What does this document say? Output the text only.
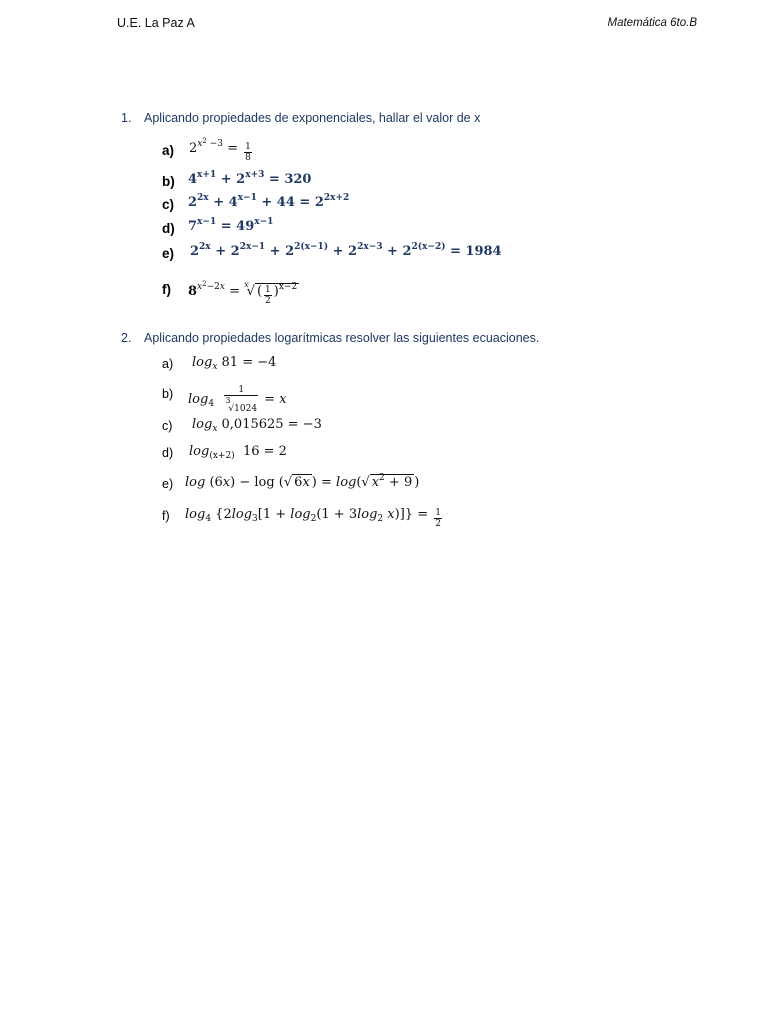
U.E. La Paz A	Matemática 6to.B
1. Aplicando propiedades de exponenciales, hallar el valor de x
a) $2^{x^2 -3} = \frac{1}{8}$
b) $4^{x+1} + 2^{x+3} = 320$
c) $2^{2x} + 4^{x-1} + 44 = 2^{2x+2}$
d) $7^{x-1} = 49^{x-1}$
e) $2^{2x} + 2^{2x-1} + 2^{2(x-1)} + 2^{2x-3} + 2^{2(x-2)} = 1984$
f) $8^{x^2-2x} = ^x√$ ( $\frac{1}{2} )^{x-2}$
2. Aplicando propiedades logarítmicas resolver las siguientes ecuaciones.
a) $\log_x 81 = -4$
b) $\log_4 \frac{1}{3√1024} = x$
c) $\log_x 0,015625 = -3$
d) $\log_{(x+2)} 16 = 2$
e) log (6x) − log (√ 6x ) = log(√ $x^2 + 9$ )
f) $\log_4 \{2\log_3[1 + \log_2(1 + 3\log_2$ $x)]\} = \frac{1}{2}$
